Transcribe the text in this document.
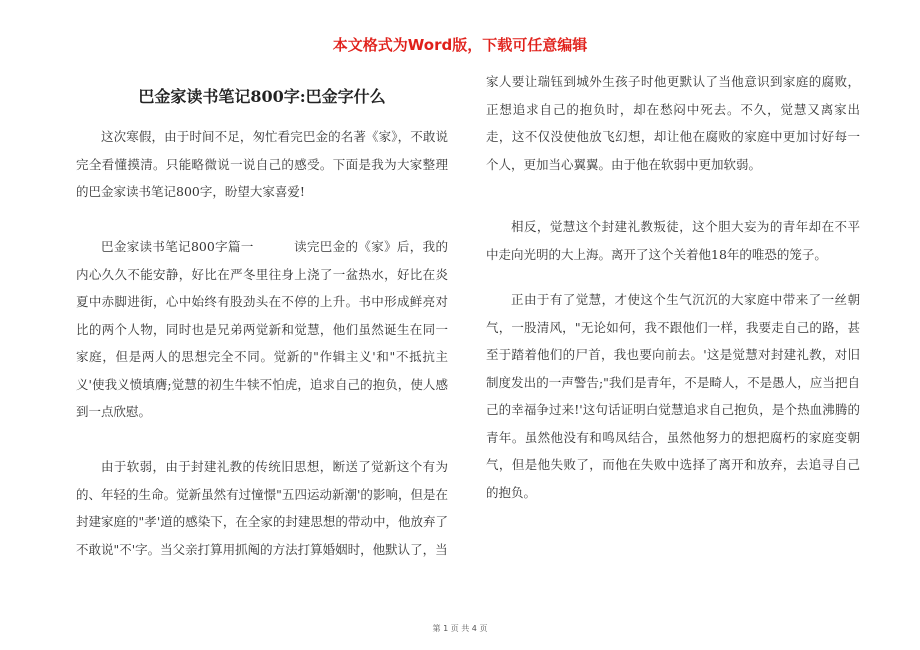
本文格式为Word版，下载可任意编辑
巴金家读书笔记800字:巴金字什么
这次寒假，由于时间不足，匆忙看完巴金的名著《家》，不敢说完全看懂摸清。只能略微说一说自己的感受。下面是我为大家整理的巴金家读书笔记800字，盼望大家喜爱!
巴金家读书笔记800字篇一	读完巴金的《家》后，我的内心久久不能安静，好比在严冬里往身上浇了一盆热水，好比在炎夏中赤脚进街，心中始终有股劲头在不停的上升。书中形成鲜亮对比的两个人物，同时也是兄弟两觉新和觉慧，他们虽然诞生在同一家庭，但是两人的思想完全不同。觉新的"作辑主义'和"不抵抗主义'使我义愤填膺;觉慧的初生牛犊不怕虎，追求自己的抱负，使人感到一点欣慰。
由于软弱，由于封建礼教的传统旧思想，断送了觉新这个有为的、年轻的生命。觉新虽然有过憧憬"五四运动新潮'的影响，但是在封建家庭的"孝'道的感染下，在全家的封建思想的带动中，他放弃了不敢说"不'字。当父亲打算用抓阄的方法打算婚姻时，他默认了，当
家人要让瑞钰到城外生孩子时他更默认了当他意识到家庭的腐败，正想追求自己的抱负时，却在愁闷中死去。不久，觉慧又离家出走，这不仅没使他放飞幻想，却让他在腐败的家庭中更加讨好每一个人，更加当心翼翼。由于他在软弱中更加软弱。
相反，觉慧这个封建礼教叛徒，这个胆大妄为的青年却在不平中走向光明的大上海。离开了这个关着他18年的唯恐的笼子。
正由于有了觉慧，才使这个生气沉沉的大家庭中带来了一丝朝气，一股清风，"无论如何，我不跟他们一样，我要走自己的路，甚至于踏着他们的尸首，我也要向前去。'这是觉慧对封建礼教，对旧制度发出的一声警告;"我们是青年，不是畸人，不是愚人，应当把自己的幸福争过来!'这句话证明白觉慧追求自己抱负，是个热血沸腾的青年。虽然他没有和鸣凤结合，虽然他努力的想把腐朽的家庭变朝气，但是他失败了，而他在失败中选择了离开和放弃，去追寻自己的抱负。
第 1 页 共 4 页
